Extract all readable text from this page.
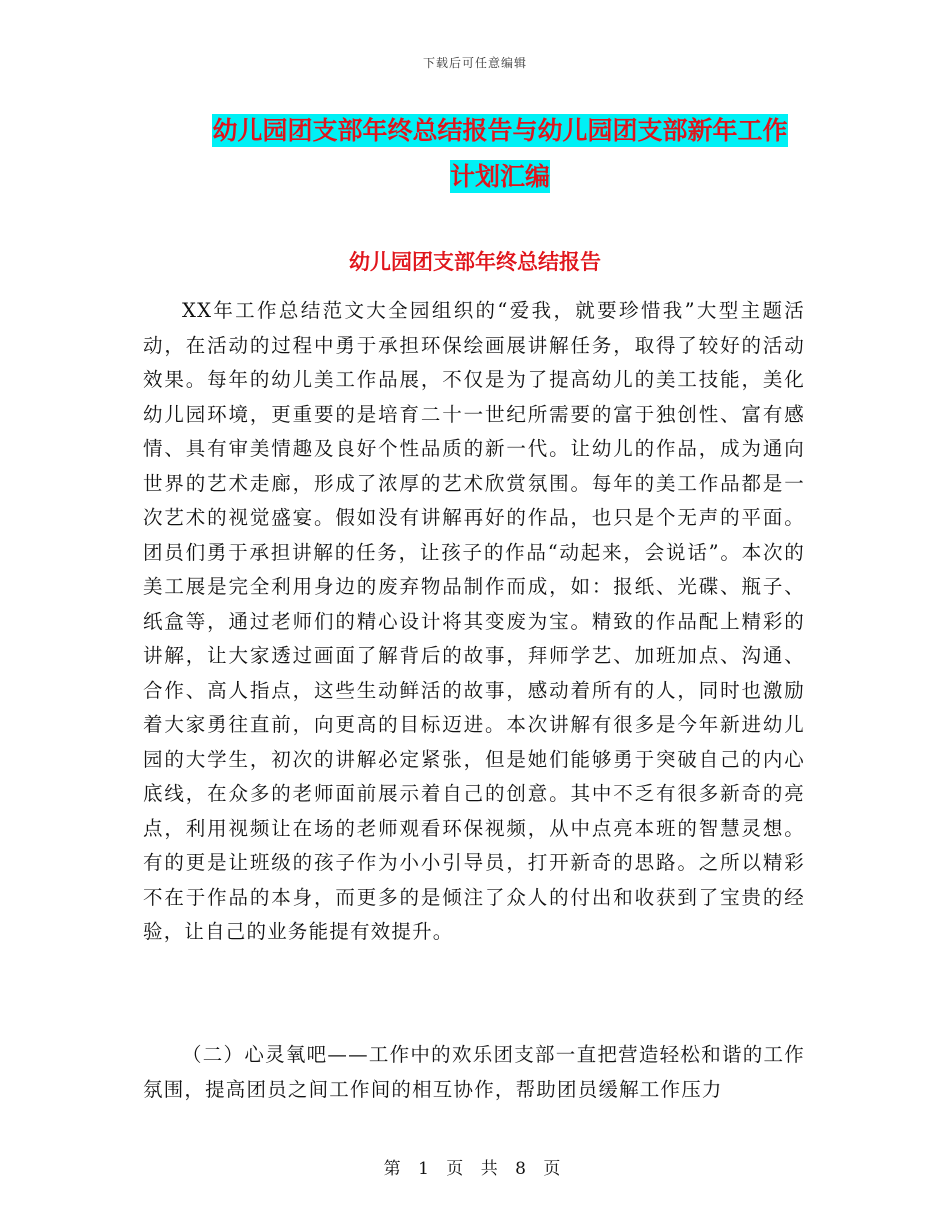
下载后可任意编辑
幼儿园团支部年终总结报告与幼儿园团支部新年工作
计划汇编
幼儿园团支部年终总结报告

XX年工作总结范文大全园组织的“爱我，就要珍惜我”大型主题活动，在活动的过程中勇于承担环保绘画展讲解任务，取得了较好的活动效果。每年的幼儿美工作品展，不仅是为了提高幼儿的美工技能，美化幼儿园环境，更重要的是培育二十一世纪所需要的富于独创性、富有感情、具有审美情趣及良好个性品质的新一代。让幼儿的作品，成为通向世界的艺术走廊，形成了浓厚的艺术欣赏氛围。每年的美工作品都是一次艺术的视觉盛宴。假如没有讲解再好的作品，也只是个无声的平面。团员们勇于承担讲解的任务，让孩子的作品“动起来，会说话”。本次的美工展是完全利用身边的废弃物品制作而成，如：报纸、光碟、瓶子、纸盒等，通过老师们的精心设计将其变废为宝。精致的作品配上精彩的讲解，让大家透过画面了解背后的故事，拜师学艺、加班加点、沟通、合作、高人指点，这些生动鲜活的故事，感动着所有的人，同时也激励着大家勇往直前，向更高的目标迈进。本次讲解有很多是今年新进幼儿园的大学生，初次的讲解必定紧张，但是她们能够勇于突破自己的内心底线，在众多的老师面前展示着自己的创意。其中不乏有很多新奇的亮点，利用视频让在场的老师观看环保视频，从中点亮本班的智慧灵想。有的更是让班级的孩子作为小小引导员，打开新奇的思路。之所以精彩不在于作品的本身，而更多的是倾注了众人的付出和收获到了宝贵的经验，让自己的业务能提有效提升。

（二）心灵氧吧——工作中的欢乐团支部一直把营造轻松和谐的工作氛围，提高团员之间工作间的相互协作，帮助团员缓解工作压力

第 1 页 共 8 页
